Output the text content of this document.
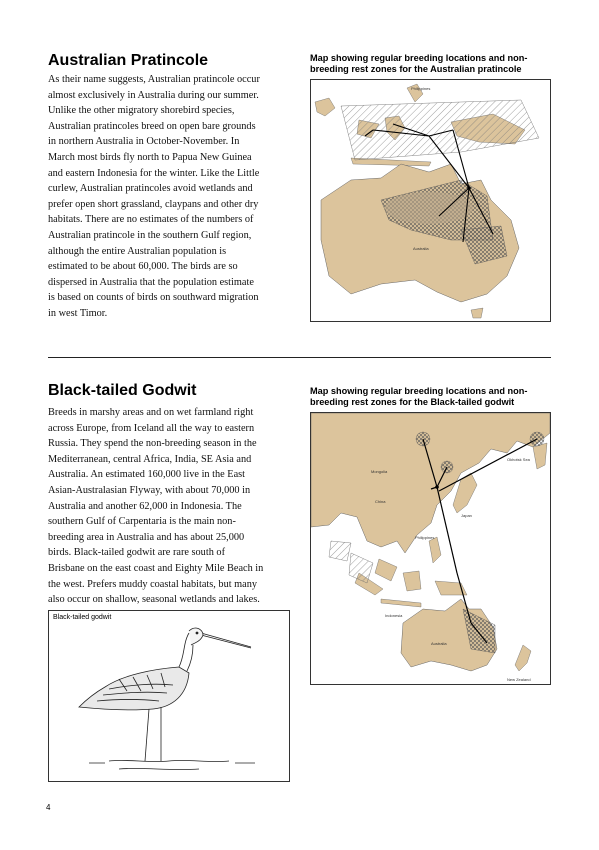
Australian Pratincole
As their name suggests, Australian pratincole occur
almost exclusively in Australia during our summer.
Unlike the other migratory shorebird species,
Australian pratincoles breed on open bare grounds
in northern Australia in October-November. In
March most birds fly north to Papua New Guinea
and eastern Indonesia for the winter. Like the Little
curlew, Australian pratincoles avoid wetlands and
prefer open short grassland, claypans and other dry
habitats. There are no estimates of the numbers of
Australian pratincole in the southern Gulf region,
although the entire Australian population is
estimated to be about 60,000. The birds are so
dispersed in Australia that the population estimate
is based on counts of birds on southward migration
in west Timor.
Map showing regular breeding locations and non-
breeding rest zones for the Australian pratincole
Philippines
Australia
Black-tailed Godwit
Breeds in marshy areas and on wet farmland right
across Europe, from Iceland all the way to eastern
Russia. They spend the non-breeding season in the
Mediterranean, central Africa, India, SE Asia and
Australia. An estimated 160,000 live in the East
Asian-Australasian Flyway, with about 70,000 in
Australia and another 62,000 in Indonesia. The
southern Gulf of Carpentaria is the main non-
breeding area in Australia and has about 25,000
birds. Black-tailed godwit are rare south of
Brisbane on the east coast and Eighty Mile Beach in
the west. Prefers muddy coastal habitats, but many
also occur on shallow, seasonal wetlands and lakes.
Map showing regular breeding locations and non-
breeding rest zones for the Black-tailed godwit
Okhotsk Sea
Mongolia
China
Japan
Philippines
Indonesia
Australia
New Zealand
Black-tailed godwit
4
